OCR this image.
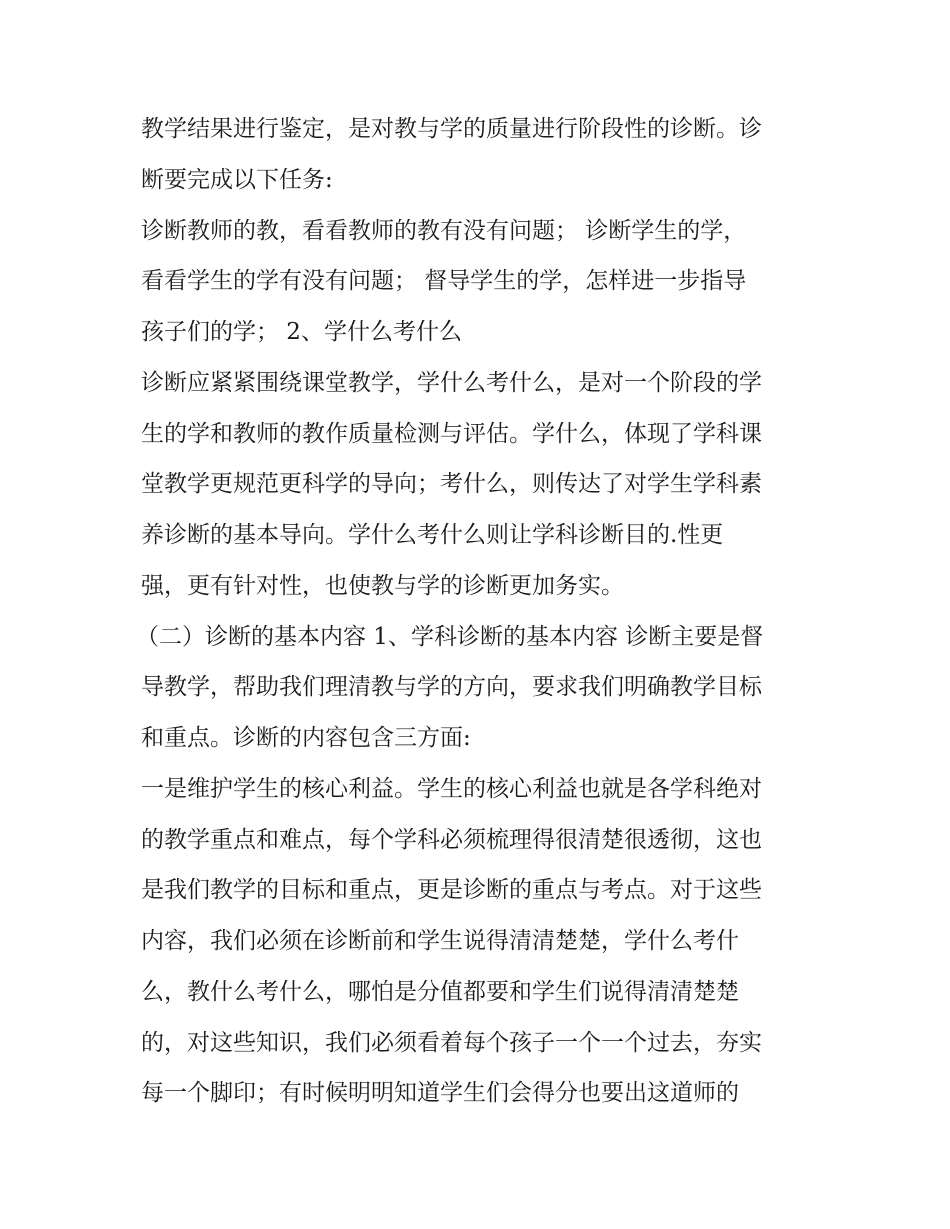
教学结果进行鉴定，是对教与学的质量进行阶段性的诊断。诊

断要完成以下任务:

诊断教师的教，看看教师的教有没有问题； 诊断学生的学，

看看学生的学有没有问题； 督导学生的学，怎样进一步指导

孩子们的学； 2、学什么考什么

诊断应紧紧围绕课堂教学，学什么考什么，是对一个阶段的学

生的学和教师的教作质量检测与评估。学什么，体现了学科课

堂教学更规范更科学的导向；考什么，则传达了对学生学科素

养诊断的基本导向。学什么考什么则让学科诊断目的.性更

强，更有针对性，也使教与学的诊断更加务实。

（二）诊断的基本内容 1、学科诊断的基本内容 诊断主要是督

导教学，帮助我们理清教与学的方向，要求我们明确教学目标

和重点。诊断的内容包含三方面:

一是维护学生的核心利益。学生的核心利益也就是各学科绝对

的教学重点和难点，每个学科必须梳理得很清楚很透彻，这也

是我们教学的目标和重点，更是诊断的重点与考点。对于这些

内容，我们必须在诊断前和学生说得清清楚楚，学什么考什

么，教什么考什么，哪怕是分值都要和学生们说得清清楚楚

的，对这些知识，我们必须看着每个孩子一个一个过去，夯实

每一个脚印；有时候明明知道学生们会得分也要出这道师的
